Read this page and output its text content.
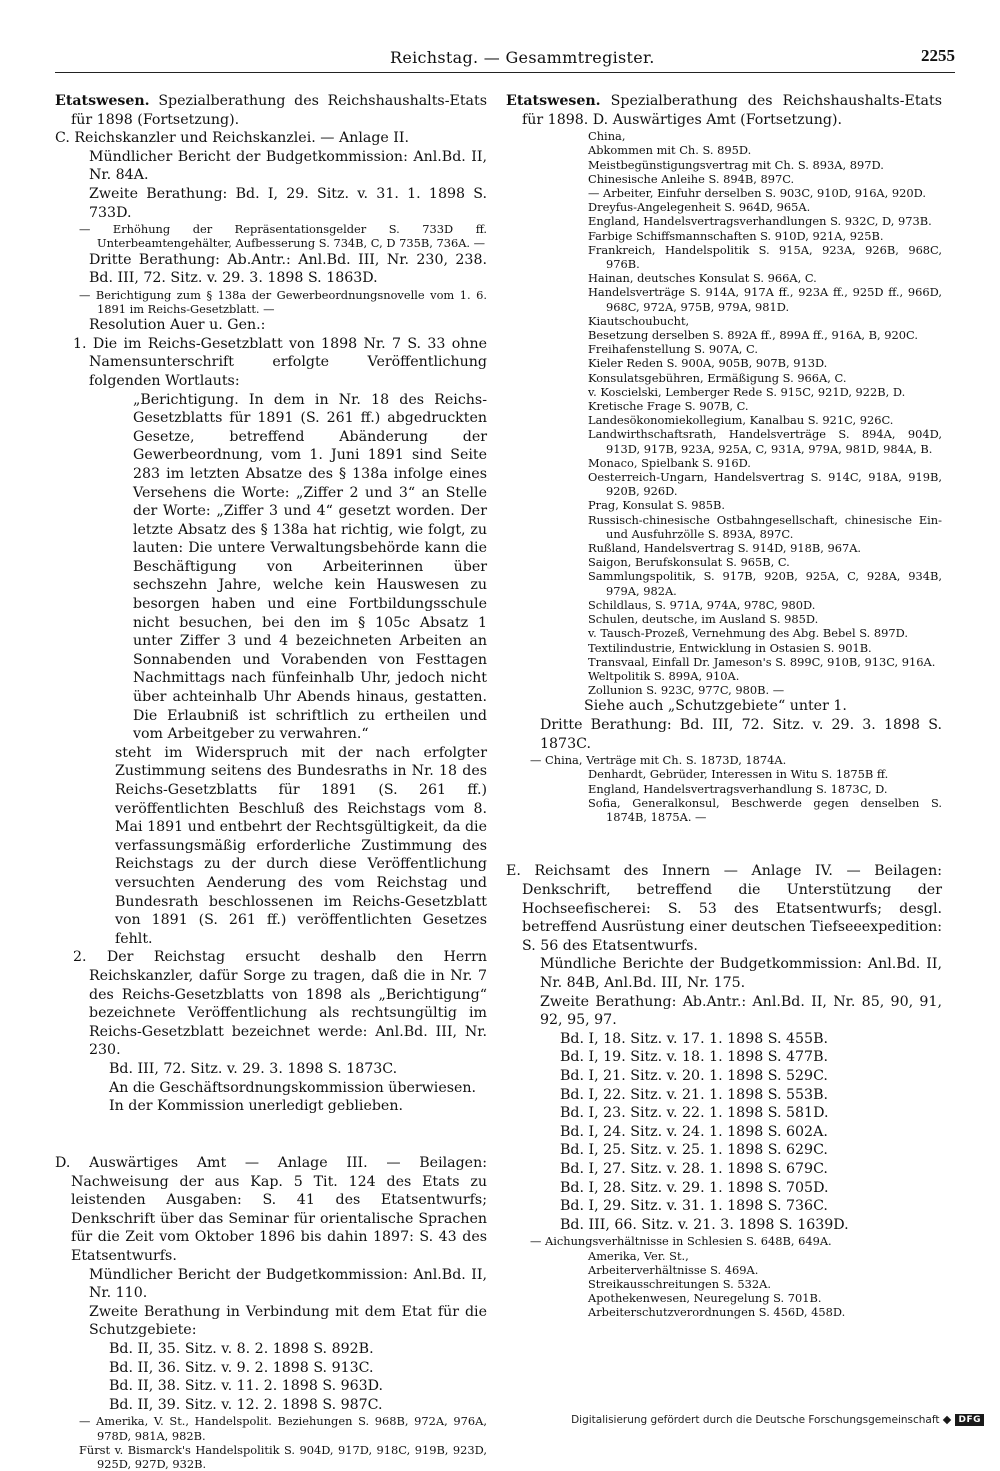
Reichstag. — Gesammtregister.	2255

Etatswesen. Spezialberathung des Reichshaushalts-Etats für 1898 (Fortsetzung).

C. Reichskanzler und Reichskanzlei. — Anlage II.

Mündlicher Bericht der Budgetkommission: Anl.Bd. II, Nr. 84A.

Zweite Berathung: Bd. I, 29. Sitz. v. 31. 1. 1898 S. 733D.

— Erhöhung der Repräsentationsgelder S. 733D ff. Unterbeamtengehälter, Aufbesserung S. 734B, C, D 735B, 736A. —

Dritte Berathung: Ab.Antr.: Anl.Bd. III, Nr. 230, 238. Bd. III, 72. Sitz. v. 29. 3. 1898 S. 1863D.

— Berichtigung zum § 138a der Gewerbeordnungsnovelle vom 1. 6. 1891 im Reichs-Gesetzblatt. —

Resolution Auer u. Gen.:

1. Die im Reichs-Gesetzblatt von 1898 Nr. 7 S. 33 ohne Namensunterschrift erfolgte Veröffentlichung folgenden Wortlauts:

„Berichtigung. In dem in Nr. 18 des Reichs-Gesetzblatts für 1891 (S. 261 ff.) abgedruckten Gesetze, betreffend Abänderung der Gewerbeordnung, vom 1. Juni 1891 sind Seite 283 im letzten Absatze des § 138a infolge eines Versehens die Worte: „Ziffer 2 und 3“ an Stelle der Worte: „Ziffer 3 und 4“ gesetzt worden. Der letzte Absatz des § 138a hat richtig, wie folgt, zu lauten: Die untere Verwaltungsbehörde kann die Beschäftigung von Arbeiterinnen über sechszehn Jahre, welche kein Hauswesen zu besorgen haben und eine Fortbildungsschule nicht besuchen, bei den im § 105c Absatz 1 unter Ziffer 3 und 4 bezeichneten Arbeiten an Sonnabenden und Vorabenden von Festtagen Nachmittags nach fünfeinhalb Uhr, jedoch nicht über achteinhalb Uhr Abends hinaus, gestatten. Die Erlaubniß ist schriftlich zu ertheilen und vom Arbeitgeber zu verwahren.“

steht im Widerspruch mit der nach erfolgter Zustimmung seitens des Bundesraths in Nr. 18 des Reichs-Gesetzblatts für 1891 (S. 261 ff.) veröffentlichten Beschluß des Reichstags vom 8. Mai 1891 und entbehrt der Rechtsgültigkeit, da die verfassungsmäßig erforderliche Zustimmung des Reichstags zu der durch diese Veröffentlichung versuchten Aenderung des vom Reichstag und Bundesrath beschlossenen im Reichs-Gesetzblatt von 1891 (S. 261 ff.) veröffentlichten Gesetzes fehlt.

2. Der Reichstag ersucht deshalb den Herrn Reichskanzler, dafür Sorge zu tragen, daß die in Nr. 7 des Reichs-Gesetzblatts von 1898 als „Berichtigung“ bezeichnete Veröffentlichung als rechtsungültig im Reichs-Gesetzblatt bezeichnet werde: Anl.Bd. III, Nr. 230.

Bd. III, 72. Sitz. v. 29. 3. 1898 S. 1873C.

An die Geschäftsordnungskommission überwiesen.

In der Kommission unerledigt geblieben.

D. Auswärtiges Amt — Anlage III. — Beilagen: Nachweisung der aus Kap. 5 Tit. 124 des Etats zu leistenden Ausgaben: S. 41 des Etatsentwurfs; Denkschrift über das Seminar für orientalische Sprachen für die Zeit vom Oktober 1896 bis dahin 1897: S. 43 des Etatsentwurfs.

Mündlicher Bericht der Budgetkommission: Anl.Bd. II, Nr. 110.

Zweite Berathung in Verbindung mit dem Etat für die Schutzgebiete:

Bd. II, 35. Sitz. v. 8. 2. 1898 S. 892B.

Bd. II, 36. Sitz. v. 9. 2. 1898 S. 913C.

Bd. II, 38. Sitz. v. 11. 2. 1898 S. 963D.

Bd. II, 39. Sitz. v. 12. 2. 1898 S. 987C.

— Amerika, V. St., Handelspolit. Beziehungen S. 968B, 972A, 976A, 978D, 981A, 982B.

Fürst v. Bismarck's Handelspolitik S. 904D, 917D, 918C, 919B, 923D, 925D, 927D, 932B.

Etatswesen. Spezialberathung des Reichshaushalts-Etats für 1898. D. Auswärtiges Amt (Fortsetzung).

China,

Abkommen mit Ch. S. 895D.

Meistbegünstigungsvertrag mit Ch. S. 893A, 897D.

Chinesische Anleihe S. 894B, 897C.

— Arbeiter, Einfuhr derselben S. 903C, 910D, 916A, 920D.

Dreyfus-Angelegenheit S. 964D, 965A.

England, Handelsvertragsverhandlungen S. 932C, D, 973B.

Farbige Schiffsmannschaften S. 910D, 921A, 925B.

Frankreich, Handelspolitik S. 915A, 923A, 926B, 968C, 976B.

Hainan, deutsches Konsulat S. 966A, C.

Handelsverträge S. 914A, 917A ff., 923A ff., 925D ff., 966D, 968C, 972A, 975B, 979A, 981D.

Kiautschoubucht,

Besetzung derselben S. 892A ff., 899A ff., 916A, B, 920C.

Freihafenstellung S. 907A, C.

Kieler Reden S. 900A, 905B, 907B, 913D.

Konsulatsgebühren, Ermäßigung S. 966A, C.

v. Koscielski, Lemberger Rede S. 915C, 921D, 922B, D.

Kretische Frage S. 907B, C.

Landesökonomiekollegium, Kanalbau S. 921C, 926C.

Landwirthschaftsrath, Handelsverträge S. 894A, 904D, 913D, 917B, 923A, 925A, C, 931A, 979A, 981D, 984A, B.

Monaco, Spielbank S. 916D.

Oesterreich-Ungarn, Handelsvertrag S. 914C, 918A, 919B, 920B, 926D.

Prag, Konsulat S. 985B.

Russisch-chinesische Ostbahngesellschaft, chinesische Ein- und Ausfuhrzölle S. 893A, 897C.

Rußland, Handelsvertrag S. 914D, 918B, 967A.

Saigon, Berufskonsulat S. 965B, C.

Sammlungspolitik, S. 917B, 920B, 925A, C, 928A, 934B, 979A, 982A.

Schildlaus, S. 971A, 974A, 978C, 980D.

Schulen, deutsche, im Ausland S. 985D.

v. Tausch-Prozeß, Vernehmung des Abg. Bebel S. 897D.

Textilindustrie, Entwicklung in Ostasien S. 901B.

Transvaal, Einfall Dr. Jameson's S. 899C, 910B, 913C, 916A.

Weltpolitik S. 899A, 910A.

Zollunion S. 923C, 977C, 980B. —

Siehe auch „Schutzgebiete“ unter 1.

Dritte Berathung: Bd. III, 72. Sitz. v. 29. 3. 1898 S. 1873C.

— China, Verträge mit Ch. S. 1873D, 1874A.

Denhardt, Gebrüder, Interessen in Witu S. 1875B ff.

England, Handelsvertragsverhandlung S. 1873C, D.

Sofia, Generalkonsul, Beschwerde gegen denselben S. 1874B, 1875A. —

E. Reichsamt des Innern — Anlage IV. — Beilagen: Denkschrift, betreffend die Unterstützung der Hochseefischerei: S. 53 des Etatsentwurfs; desgl. betreffend Ausrüstung einer deutschen Tiefseeexpedition: S. 56 des Etatsentwurfs.

Mündliche Berichte der Budgetkommission: Anl.Bd. II, Nr. 84B, Anl.Bd. III, Nr. 175.

Zweite Berathung: Ab.Antr.: Anl.Bd. II, Nr. 85, 90, 91, 92, 95, 97.

Bd. I, 18. Sitz. v. 17. 1. 1898 S. 455B.

Bd. I, 19. Sitz. v. 18. 1. 1898 S. 477B.

Bd. I, 21. Sitz. v. 20. 1. 1898 S. 529C.

Bd. I, 22. Sitz. v. 21. 1. 1898 S. 553B.

Bd. I, 23. Sitz. v. 22. 1. 1898 S. 581D.

Bd. I, 24. Sitz. v. 24. 1. 1898 S. 602A.

Bd. I, 25. Sitz. v. 25. 1. 1898 S. 629C.

Bd. I, 27. Sitz. v. 28. 1. 1898 S. 679C.

Bd. I, 28. Sitz. v. 29. 1. 1898 S. 705D.

Bd. I, 29. Sitz. v. 31. 1. 1898 S. 736C.

Bd. III, 66. Sitz. v. 21. 3. 1898 S. 1639D.

— Aichungsverhältnisse in Schlesien S. 648B, 649A.

Amerika, Ver. St.,

Arbeiterverhältnisse S. 469A.

Streikausschreitungen S. 532A.

Apothekenwesen, Neuregelung S. 701B.

Arbeiterschutzverordnungen S. 456D, 458D.

Digitalisierung gefördert durch die Deutsche Forschungsgemeinschaft	DFG
